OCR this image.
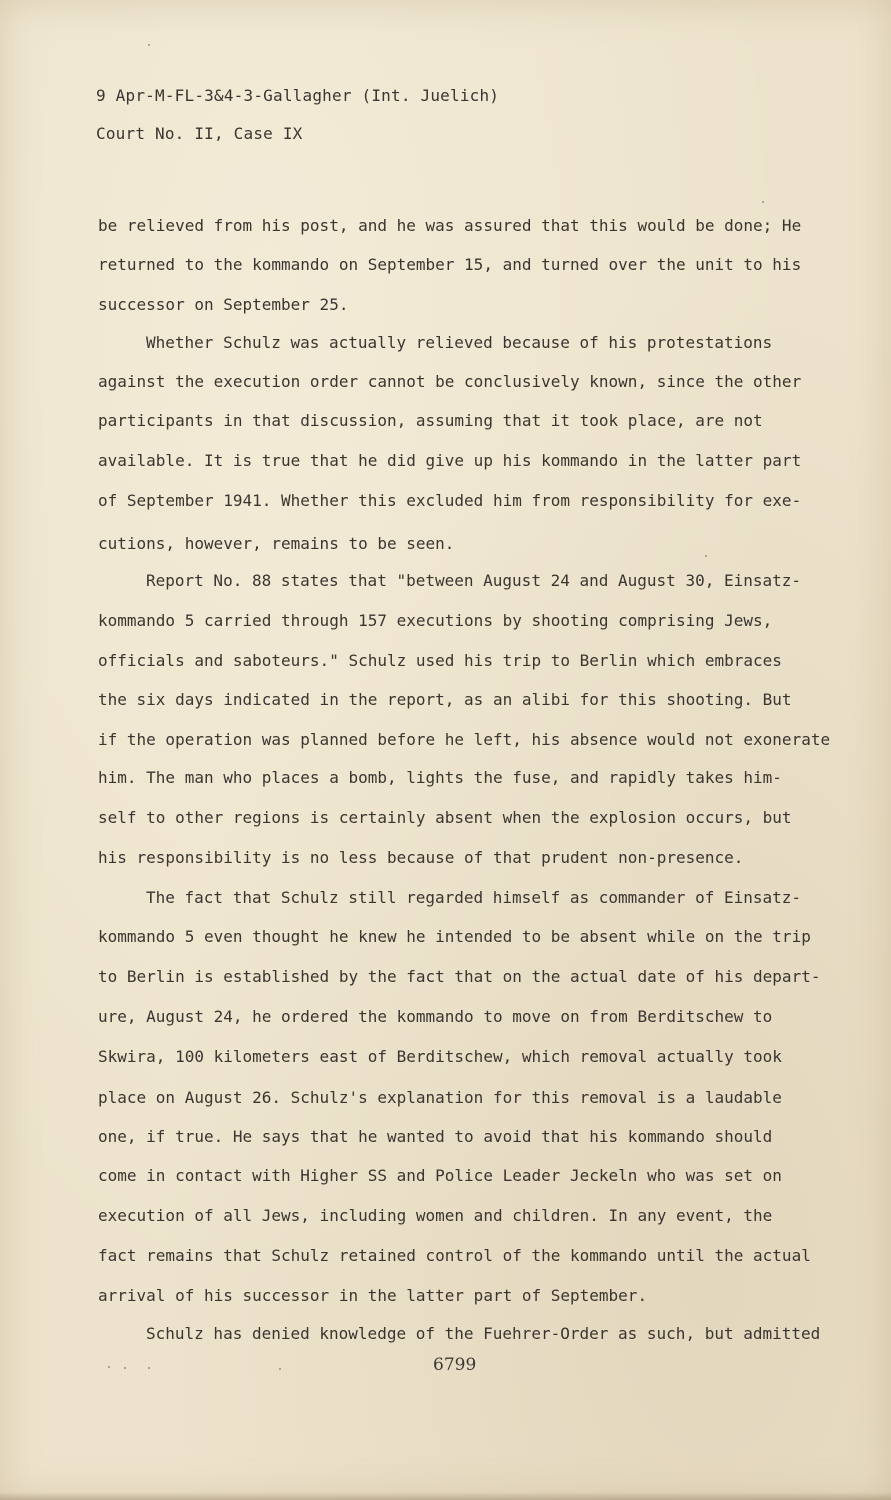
9 Apr-M-FL-3&4-3-Gallagher (Int. Juelich)
Court No. II, Case IX
be relieved from his post, and he was assured that this would be done; He
returned to the kommando on September 15, and turned over the unit to his
successor on September 25.
Whether Schulz was actually relieved because of his protestations
against the execution order cannot be conclusively known, since the other
participants in that discussion, assuming that it took place, are not
available. It is true that he did give up his kommando in the latter part
of September 1941. Whether this excluded him from responsibility for exe-
cutions, however, remains to be seen.
Report No. 88 states that "between August 24 and August 30, Einsatz-
kommando 5 carried through 157 executions by shooting comprising Jews,
officials and saboteurs." Schulz used his trip to Berlin which embraces
the six days indicated in the report, as an alibi for this shooting. But
if the operation was planned before he left, his absence would not exonerate
him. The man who places a bomb, lights the fuse, and rapidly takes him-
self to other regions is certainly absent when the explosion occurs, but
his responsibility is no less because of that prudent non-presence.
The fact that Schulz still regarded himself as commander of Einsatz-
kommando 5 even thought he knew he intended to be absent while on the trip
to Berlin is established by the fact that on the actual date of his depart-
ure, August 24, he ordered the kommando to move on from Berditschew to
Skwira, 100 kilometers east of Berditschew, which removal actually took
place on August 26. Schulz's explanation for this removal is a laudable
one, if true. He says that he wanted to avoid that his kommando should
come in contact with Higher SS and Police Leader Jeckeln who was set on
execution of all Jews, including women and children. In any event, the
fact remains that Schulz retained control of the kommando until the actual
arrival of his successor in the latter part of September.
Schulz has denied knowledge of the Fuehrer-Order as such, but admitted
6799
